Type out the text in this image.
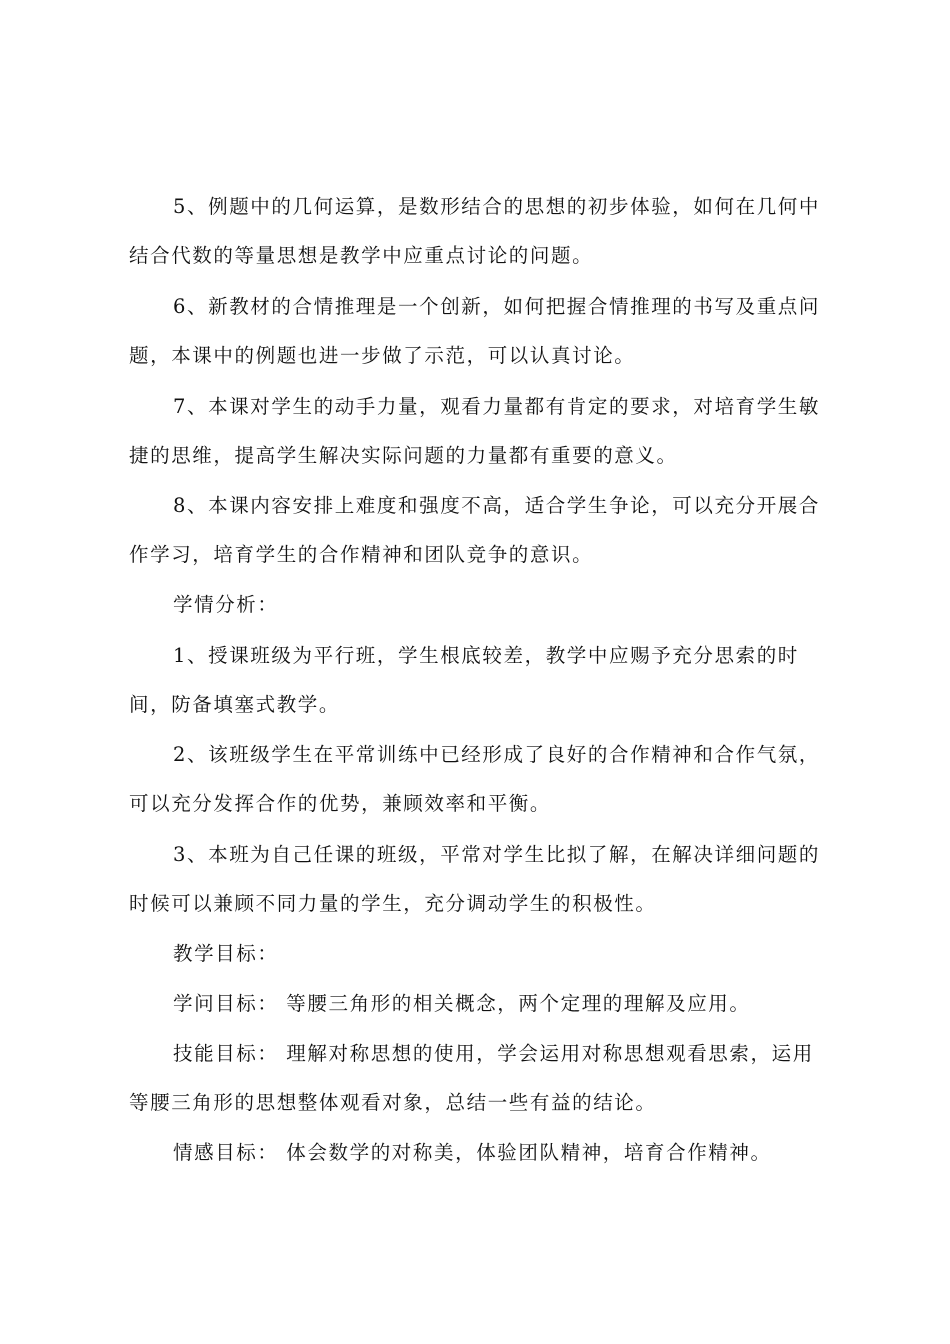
5、例题中的几何运算，是数形结合的思想的初步体验，如何在几何中结合代数的等量思想是教学中应重点讨论的问题。

6、新教材的合情推理是一个创新，如何把握合情推理的书写及重点问题，本课中的例题也进一步做了示范，可以认真讨论。

7、本课对学生的动手力量，观看力量都有肯定的要求，对培育学生敏捷的思维，提高学生解决实际问题的力量都有重要的意义。

8、本课内容安排上难度和强度不高，适合学生争论，可以充分开展合作学习，培育学生的合作精神和团队竞争的意识。

学情分析：

1、授课班级为平行班，学生根底较差，教学中应赐予充分思索的时间，防备填塞式教学。

2、该班级学生在平常训练中已经形成了良好的合作精神和合作气氛，可以充分发挥合作的优势，兼顾效率和平衡。

3、本班为自己任课的班级，平常对学生比拟了解，在解决详细问题的时候可以兼顾不同力量的学生，充分调动学生的积极性。

教学目标：

学问目标： 等腰三角形的相关概念，两个定理的理解及应用。

技能目标： 理解对称思想的使用，学会运用对称思想观看思索，运用等腰三角形的思想整体观看对象，总结一些有益的结论。

情感目标： 体会数学的对称美，体验团队精神，培育合作精神。
